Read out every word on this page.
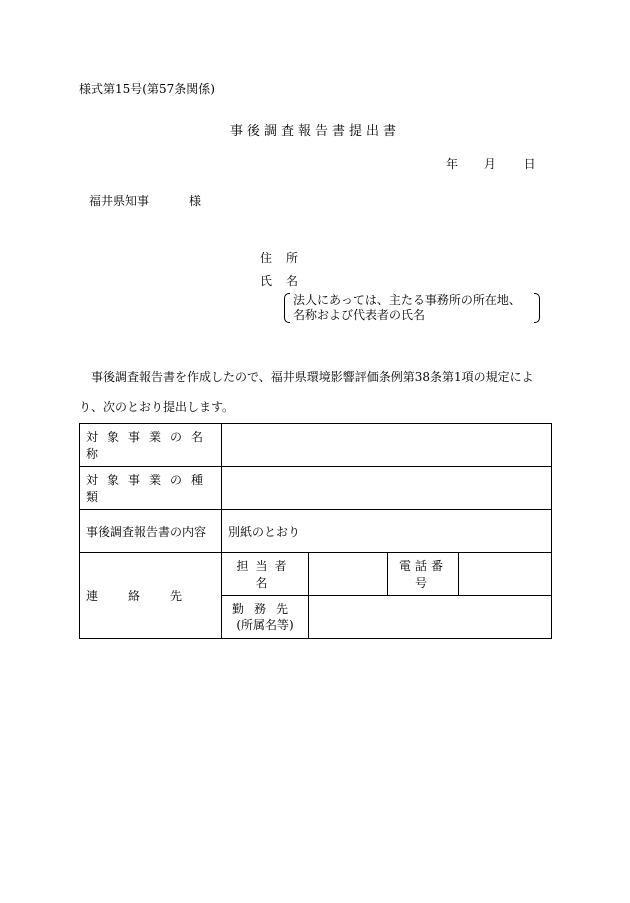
様式第15号(第57条関係)
事後調査報告書提出書
年 月 日
福井県知事	様
住所
氏名
法人にあっては、主たる事務所の所在地、
名称および代表者の氏名
事後調査報告書を作成したので、福井県環境影響評価条例第38条第1項の規定により、次のとおり提出します。
対象事業の名称				
対象事業の種類				
事後調査報告書の内容	別紙のとおり			
連絡先	担当者名		電話番号	

	勤務先
(所属名等)			
